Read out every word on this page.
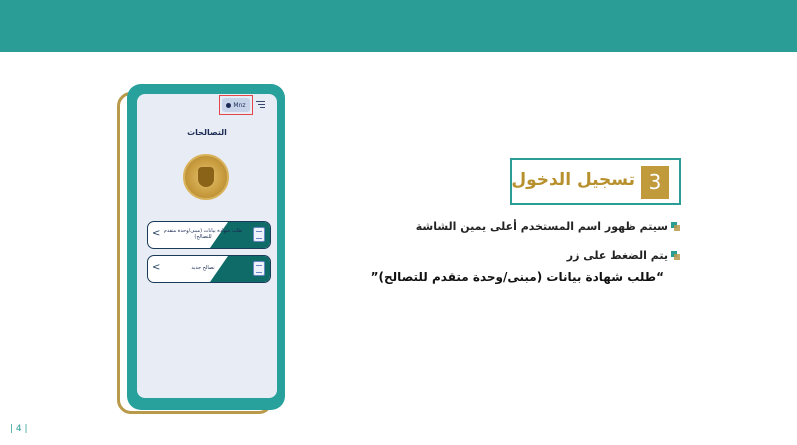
Mnz
التصالحات
< طلب شهادة بيانات (مبنى/وحدة متقدم للتصالح)
<	تصالح جديد
3
تسجيل الدخول
سيتم ظهور اسم المستخدم أعلى يمين الشاشة
يتم الضغط على زر
“طلب شهادة بيانات (مبنى/وحدة متقدم للتصالح)”
| 4 |
